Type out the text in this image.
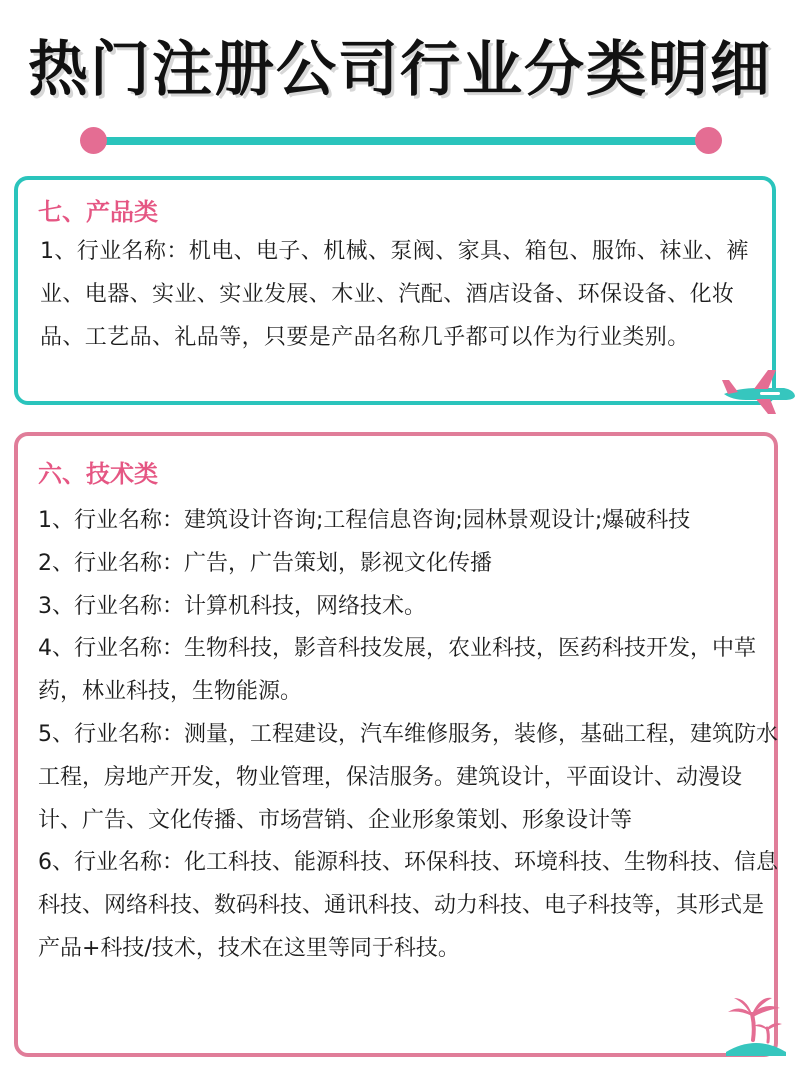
热门注册公司行业分类明细
七、产品类

1、行业名称：机电、电子、机械、泵阀、家具、箱包、服饰、袜业、裤业、电器、实业、实业发展、木业、汽配、酒店设备、环保设备、化妆品、工艺品、礼品等，只要是产品名称几乎都可以作为行业类别。

六、技术类
1、行业名称：建筑设计咨询;工程信息咨询;园林景观设计;爆破科技
2、行业名称：广告，广告策划，影视文化传播
3、行业名称：计算机科技，网络技术。
4、行业名称：生物科技，影音科技发展，农业科技，医药科技开发，中草药，林业科技，生物能源。
5、行业名称：测量，工程建设，汽车维修服务，装修，基础工程，建筑防水工程，房地产开发，物业管理，保洁服务。建筑设计，平面设计、动漫设计、广告、文化传播、市场营销、企业形象策划、形象设计等
6、行业名称：化工科技、能源科技、环保科技、环境科技、生物科技、信息科技、网络科技、数码科技、通讯科技、动力科技、电子科技等，其形式是产品+科技/技术，技术在这里等同于科技。
